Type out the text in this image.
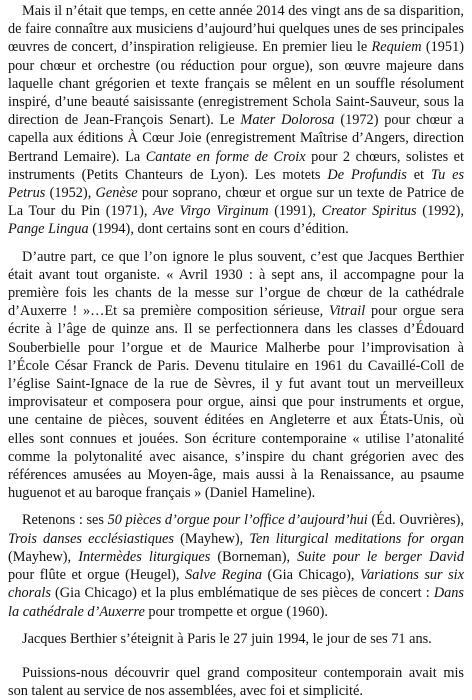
Mais il n’était que temps, en cette année 2014 des vingt ans de sa disparition, de faire connaître aux musiciens d’aujourd’hui quelques unes de ses principales œuvres de concert, d’inspiration religieuse. En premier lieu le Requiem (1951) pour chœur et orchestre (ou réduction pour orgue), son œuvre majeure dans laquelle chant grégorien et texte français se mêlent en un souffle résolument inspiré, d’une beauté saisissante (enregistrement Schola Saint-Sauveur, sous la direction de Jean-François Senart). Le Mater Dolorosa (1972) pour chœur a capella aux éditions À Cœur Joie (enregistrement Maîtrise d’Angers, direction Bertrand Lemaire). La Cantate en forme de Croix pour 2 chœurs, solistes et instruments (Petits Chanteurs de Lyon). Les motets De Profundis et Tu es Petrus (1952), Genèse pour soprano, chœur et orgue sur un texte de Patrice de La Tour du Pin (1971), Ave Virgo Virginum (1991), Creator Spiritus (1992), Pange Lingua (1994), dont certains sont en cours d’édition.

D’autre part, ce que l’on ignore le plus souvent, c’est que Jacques Berthier était avant tout organiste. « Avril 1930 : à sept ans, il accompagne pour la première fois les chants de la messe sur l’orgue de chœur de la cathédrale d’Auxerre ! »…Et sa première composition sérieuse, Vitrail pour orgue sera écrite à l’âge de quinze ans. Il se perfectionnera dans les classes d’Édouard Souberbielle pour l’orgue et de Maurice Malherbe pour l’improvisation à l’École César Franck de Paris. Devenu titulaire en 1961 du Cavaillé-Coll de l’église Saint-Ignace de la rue de Sèvres, il y fut avant tout un merveilleux improvisateur et composera pour orgue, ainsi que pour instruments et orgue, une centaine de pièces, souvent éditées en Angleterre et aux États-Unis, où elles sont connues et jouées. Son écriture contemporaine « utilise l’atonalité comme la polytonalité avec aisance, s’inspire du chant grégorien avec des références amusées au Moyen-âge, mais aussi à la Renaissance, au psaume huguenot et au baroque français » (Daniel Hameline).

Retenons : ses 50 pièces d’orgue pour l’office d’aujourd’hui (Éd. Ouvrières), Trois danses ecclésiastiques (Mayhew), Ten liturgical meditations for organ (Mayhew), Intermèdes liturgiques (Borneman), Suite pour le berger David pour flûte et orgue (Heugel), Salve Regina (Gia Chicago), Variations sur six chorals (Gia Chicago) et la plus emblématique de ses pièces de concert : Dans la cathédrale d’Auxerre pour trompette et orgue (1960).

Jacques Berthier s’éteignit à Paris le 27 juin 1994, le jour de ses 71 ans.

Puissions-nous découvrir quel grand compositeur contemporain avait mis son talent au service de nos assemblées, avec foi et simplicité.
